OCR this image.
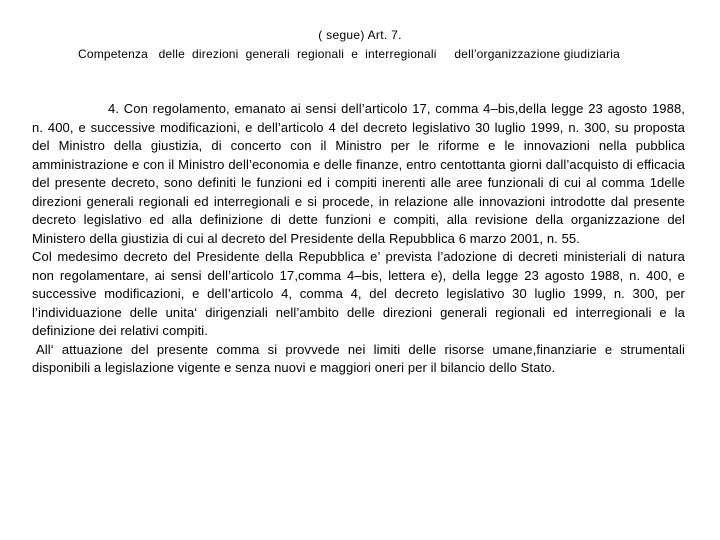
( segue) Art. 7.
Competenza   delle  direzioni  generali  regionali  e  interregionali     dell’organizzazione giudiziaria

4. Con regolamento, emanato ai sensi dell’articolo 17, comma 4–bis,della legge 23 agosto 1988, n. 400, e successive modificazioni, e dell’articolo 4 del decreto legislativo 30 luglio 1999, n. 300, su proposta del Ministro della giustizia, di concerto con il Ministro per le riforme e le innovazioni nella pubblica amministrazione e con il Ministro dell’economia e delle finanze, entro centottanta giorni dall’acquisto di efficacia del presente decreto, sono definiti le funzioni ed i compiti inerenti alle aree funzionali di cui al comma 1delle direzioni generali regionali ed interregionali e si procede, in relazione alle innovazioni introdotte dal presente decreto legislativo ed alla definizione di dette funzioni e compiti, alla revisione della organizzazione del Ministero della giustizia di cui al decreto del Presidente della Repubblica 6 marzo 2001, n. 55.

Col medesimo decreto del Presidente della Repubblica e’ prevista l’adozione di decreti ministeriali di natura non regolamentare, ai sensi dell’articolo 17,comma 4–bis, lettera e), della legge 23 agosto 1988, n. 400, e successive modificazioni, e dell’articolo 4, comma 4, del decreto legislativo 30 luglio 1999, n. 300, per l’individuazione delle unita‘ dirigenziali nell’ambito delle direzioni generali regionali ed interregionali e la definizione dei relativi compiti.

All‘ attuazione del presente comma si provvede nei limiti delle risorse umane,finanziarie e strumentali disponibili a legislazione vigente e senza nuovi e maggiori oneri per il bilancio dello Stato.
